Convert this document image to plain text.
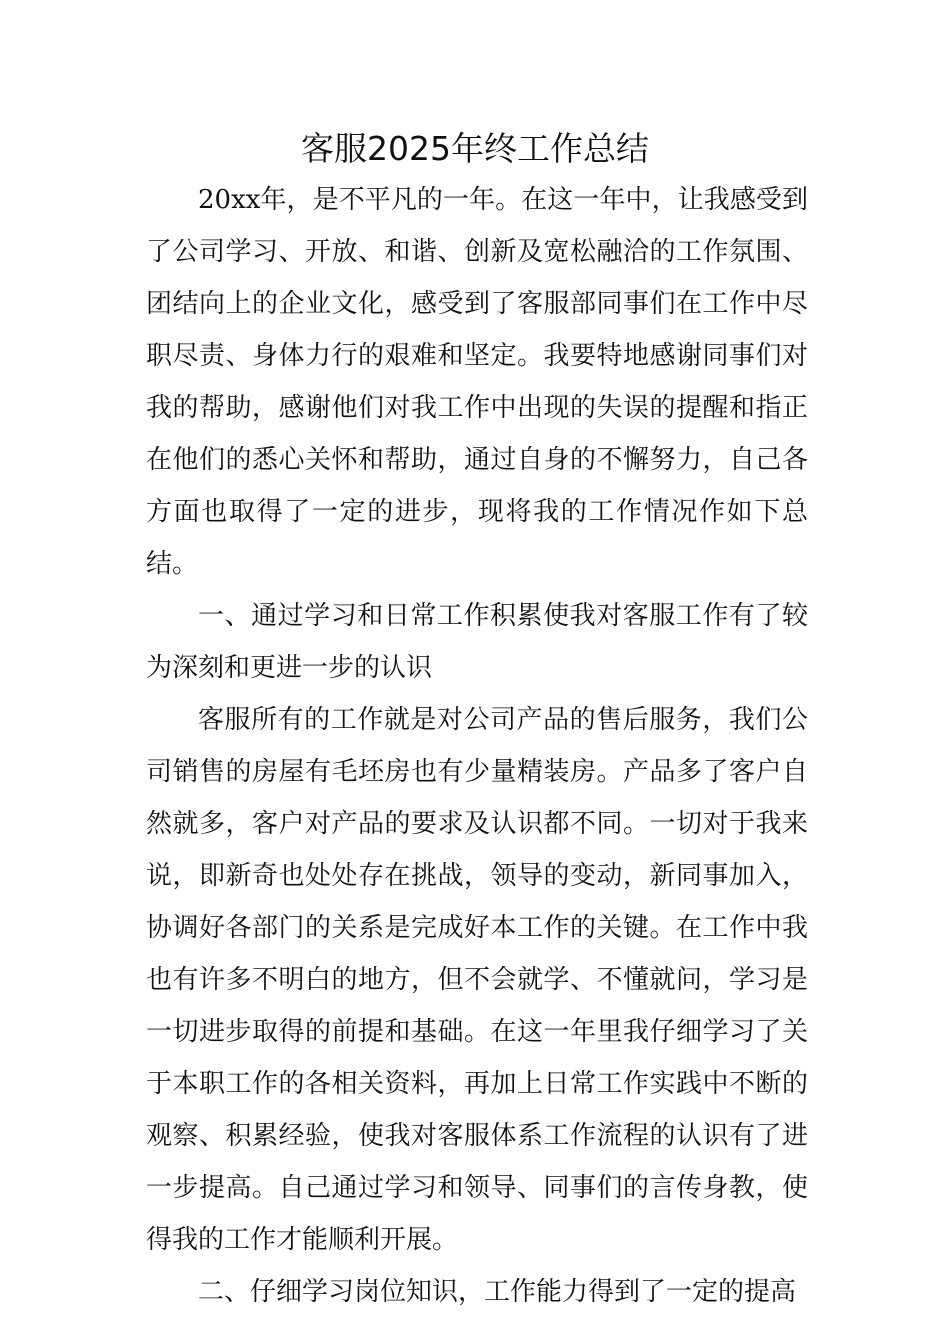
客服2025年终工作总结

20xx年，是不平凡的一年。在这一年中，让我感受到了公司学习、开放、和谐、创新及宽松融洽的工作氛围、团结向上的企业文化，感受到了客服部同事们在工作中尽职尽责、身体力行的艰难和坚定。我要特地感谢同事们对我的帮助，感谢他们对我工作中出现的失误的提醒和指正在他们的悉心关怀和帮助，通过自身的不懈努力，自己各方面也取得了一定的进步，现将我的工作情况作如下总结。

一、通过学习和日常工作积累使我对客服工作有了较为深刻和更进一步的认识

客服所有的工作就是对公司产品的售后服务，我们公司销售的房屋有毛坯房也有少量精装房。产品多了客户自然就多，客户对产品的要求及认识都不同。一切对于我来说，即新奇也处处存在挑战，领导的变动，新同事加入，协调好各部门的关系是完成好本工作的关键。在工作中我也有许多不明白的地方，但不会就学、不懂就问，学习是一切进步取得的前提和基础。在这一年里我仔细学习了关于本职工作的各相关资料，再加上日常工作实践中不断的观察、积累经验，使我对客服体系工作流程的认识有了进一步提高。自己通过学习和领导、同事们的言传身教，使得我的工作才能顺利开展。

二、仔细学习岗位知识，工作能力得到了一定的提高
